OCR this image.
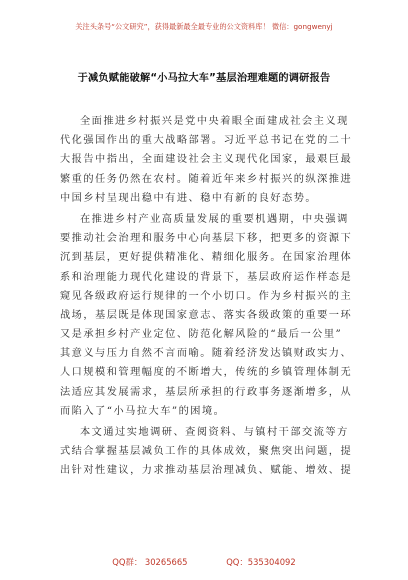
关注头条号“公文研究”，获得最新最全最专业的公文资料库！ 微信：gongwenyj
于减负赋能破解“小马拉大车”基层治理难题的调研报告

全面推进乡村振兴是党中央着眼全面建成社会主义现

代化强国作出的重大战略部署。习近平总书记在党的二十

大报告中指出，全面建设社会主义现代化国家，最艰巨最

繁重的任务仍然在农村。随着近年来乡村振兴的纵深推进

中国乡村呈现出稳中有进、稳中有新的良好态势。

在推进乡村产业高质量发展的重要机遇期，中央强调

要推动社会治理和服务中心向基层下移，把更多的资源下

沉到基层，更好提供精准化、精细化服务。在国家治理体

系和治理能力现代化建设的背景下，基层政府运作样态是

窥见各级政府运行规律的一个小切口。作为乡村振兴的主

战场，基层既是体现国家意志、落实各级政策的重要一环

又是承担乡村产业定位、防范化解风险的“最后一公里”

其意义与压力自然不言而喻。随着经济发达镇财政实力、

人口规模和管理幅度的不断增大，传统的乡镇管理体制无

法适应其发展需求，基层所承担的行政事务逐渐增多，从

而陷入了“小马拉大车”的困境。

本文通过实地调研、查阅资料、与镇村干部交流等方

式结合掌握基层减负工作的具体成效，聚焦突出问题，提

出针对性建议，力求推动基层治理减负、赋能、增效、提

QQ群： 30265665	QQ：535304092
